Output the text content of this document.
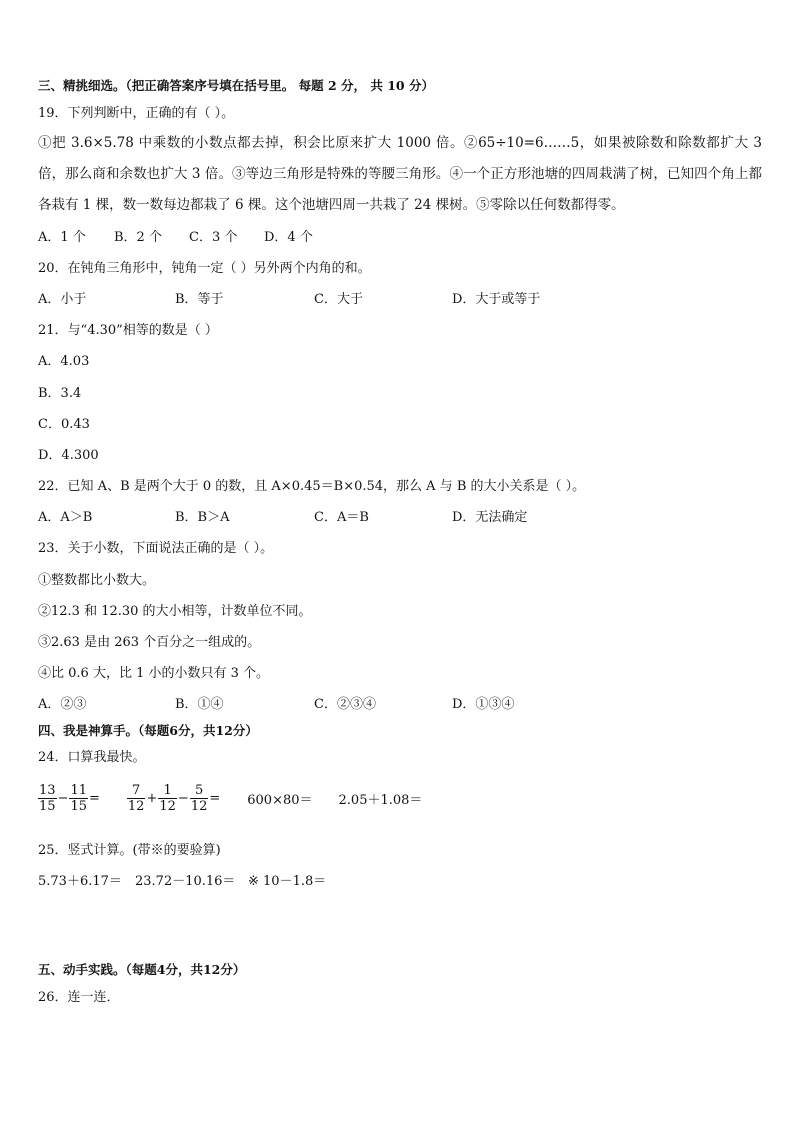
三、精挑细选。（把正确答案序号填在括号里。 每题 2 分， 共 10 分）
19．下列判断中，正确的有（ ）。
①把 3.6×5.78 中乘数的小数点都去掉，积会比原来扩大 1000 倍。②65÷10=6……5，如果被除数和除数都扩大 3 倍，那么商和余数也扩大 3 倍。③等边三角形是特殊的等腰三角形。④一个正方形池塘的四周栽满了树，已知四个角上都各栽有 1 棵，数一数每边都栽了 6 棵。这个池塘四周一共栽了 24 棵树。⑤零除以任何数都得零。
A．1 个 B．2 个 C．3 个 D．4 个
20．在钝角三角形中，钝角一定（ ）另外两个内角的和。
A．小于	B．等于	C．大于	D．大于或等于
21．与“4.30”相等的数是（ ）
A．4.03
B．3.4
C．0.43
D．4.300
22．已知 A、B 是两个大于 0 的数，且 A×0.45＝B×0.54，那么 A 与 B 的大小关系是（ ）。
A．A＞B	B．B＞A	C．A＝B	D．无法确定
23．关于小数，下面说法正确的是（ ）。
①整数都比小数大。
②12.3 和 12.30 的大小相等，计数单位不同。
③2.63 是由 263 个百分之一组成的。
④比 0.6 大，比 1 小的小数只有 3 个。
A．②③	B．①④	C．②③④	D．①③④
四、我是神算手。（每题6分，共12分）
24．口算我最快。
$\frac{13}{15} - \frac{11}{15} = \frac{7}{12} + \frac{1}{12} - \frac{5}{12} = 600\times 80= 2.05+1.08=$
25．竖式计算。(带※的要验算)
5.73＋6.17＝ 23.72－10.16＝ ※ 10－1.8＝
五、动手实践。（每题4分，共12分）
26．连一连．
